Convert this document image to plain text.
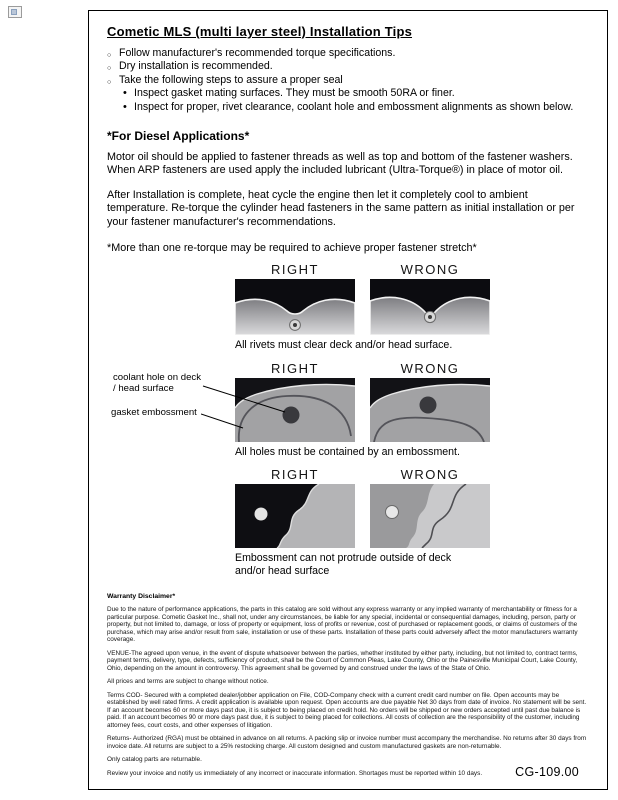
Cometic MLS (multi layer steel) Installation Tips
○ Follow manufacturer's recommended torque specifications.
○ Dry installation is recommended.
○ Take the following steps to assure a proper seal
• Inspect gasket mating surfaces. They must be smooth 50RA or finer.
• Inspect for proper, rivet clearance, coolant hole and embossment alignments as shown below.
*For Diesel Applications*

Motor oil should be applied to fastener threads as well as top and bottom of the fastener washers. When ARP fasteners are used apply the included lubricant (Ultra-Torque®) in place of motor oil.

After Installation is complete, heat cycle the engine then let it completely cool to ambient temperature. Re-torque the cylinder head fasteners in the same pattern as initial installation or per your fastener manufacturer's recommendations.

*More than one re-torque may be required to achieve proper fastener stretch*

RIGHT	WRONG
All rivets must clear deck and/or head surface.
RIGHT	WRONG
coolant hole on deck / head surface
gasket embossment
All holes must be contained by an embossment.
RIGHT	WRONG
Embossment can not protrude outside of deck and/or head surface
Warranty Disclaimer*

Due to the nature of performance applications, the parts in this catalog are sold without any express warranty or any implied warranty of merchantability or fitness for a particular purpose. Cometic Gasket Inc., shall not, under any circumstances, be liable for any special, incidental or consequential damages, including, person, party or property, but not limited to, damage, or loss of property or equipment, loss of profits or revenue, cost of purchased or replacement goods, or claims of customers of the purchase, which may arise and/or result from sale, installation or use of these parts. Installation of these parts could adversely affect the motor manufacturers warranty coverage.

VENUE-The agreed upon venue, in the event of dispute whatsoever between the parties, whether instituted by either party, including, but not limited to, contract terms, payment terms, delivery, type, defects, sufficiency of product, shall be the Court of Common Pleas, Lake County, Ohio or the Painesville Municipal Court, Lake County, Ohio, depending on the amount in controversy. This agreement shall be governed by and construed under the laws of the State of Ohio.

All prices and terms are subject to change without notice.

Terms COD- Secured with a completed dealer/jobber application on File, COD-Company check with a current credit card number on file. Open accounts may be established by well rated firms. A credit application is available upon request. Open accounts are due payable Net 30 days from date of invoice. No statement will be sent. If an account becomes 60 or more days past due, it is subject to being placed on credit hold. No orders will be shipped or new orders accepted until past due balance is paid. If an account becomes 90 or more days past due, it is subject to being placed for collections. All costs of collection are the responsibility of the customer, including attorney fees, court costs, and other expenses of litigation.

Returns- Authorized (RGA) must be obtained in advance on all returns. A packing slip or invoice number must accompany the merchandise. No returns after 30 days from invoice date. All returns are subject to a 25% restocking charge. All custom designed and custom manufactured gaskets are non-returnable.

Only catalog parts are returnable.

Review your invoice and notify us immediately of any incorrect or inaccurate information. Shortages must be reported within 10 days.	CG-109.00
